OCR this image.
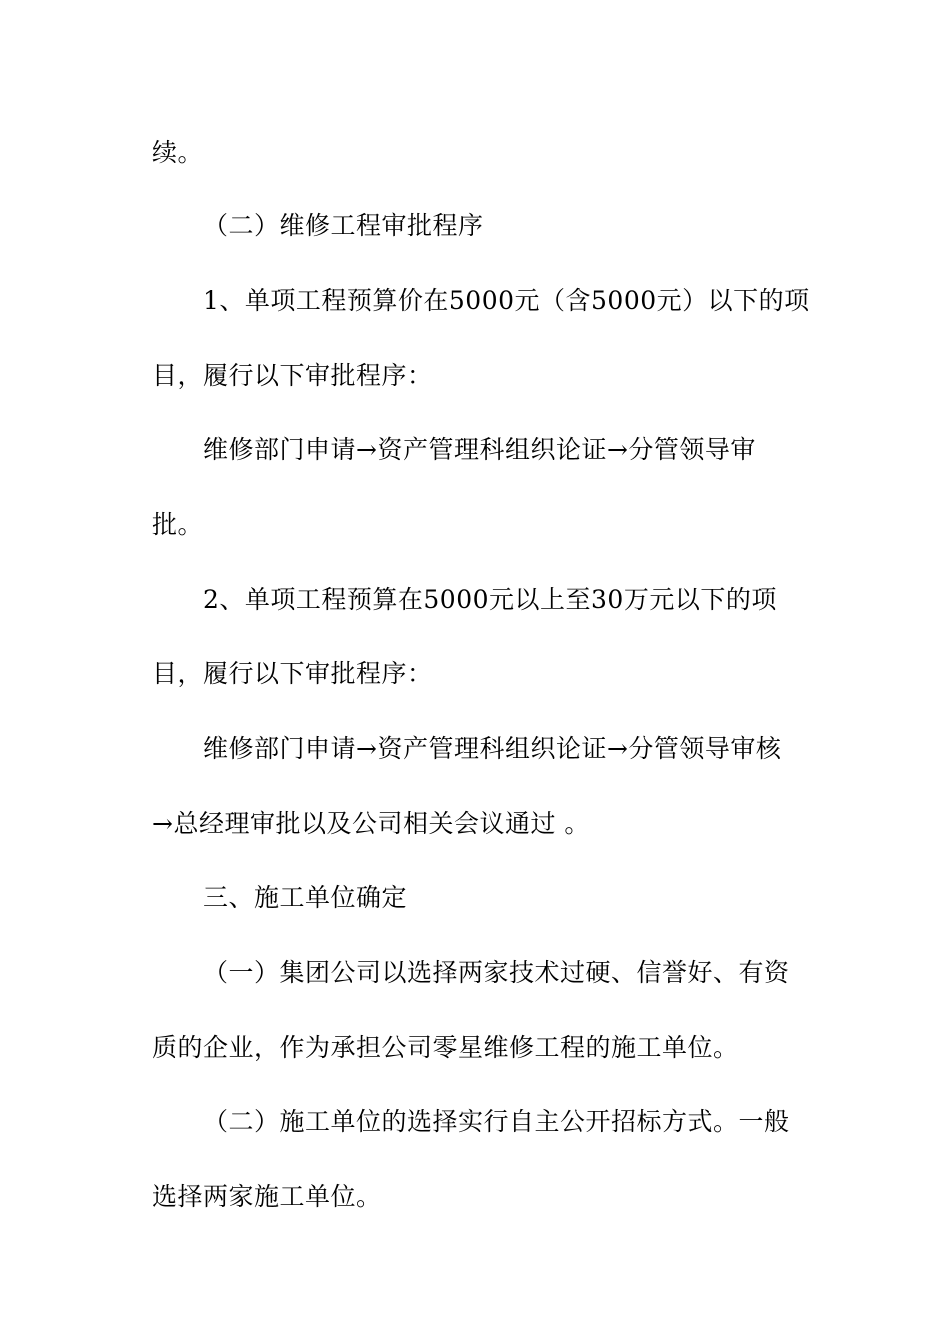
续。
（二）维修工程审批程序
1、单项工程预算价在5000元（含5000元）以下的项
目，履行以下审批程序：
维修部门申请→资产管理科组织论证→分管领导审
批。
2、单项工程预算在5000元以上至30万元以下的项
目，履行以下审批程序：
维修部门申请→资产管理科组织论证→分管领导审核
→总经理审批以及公司相关会议通过 。
三、施工单位确定
（一）集团公司以选择两家技术过硬、信誉好、有资
质的企业，作为承担公司零星维修工程的施工单位。
（二）施工单位的选择实行自主公开招标方式。一般
选择两家施工单位。
